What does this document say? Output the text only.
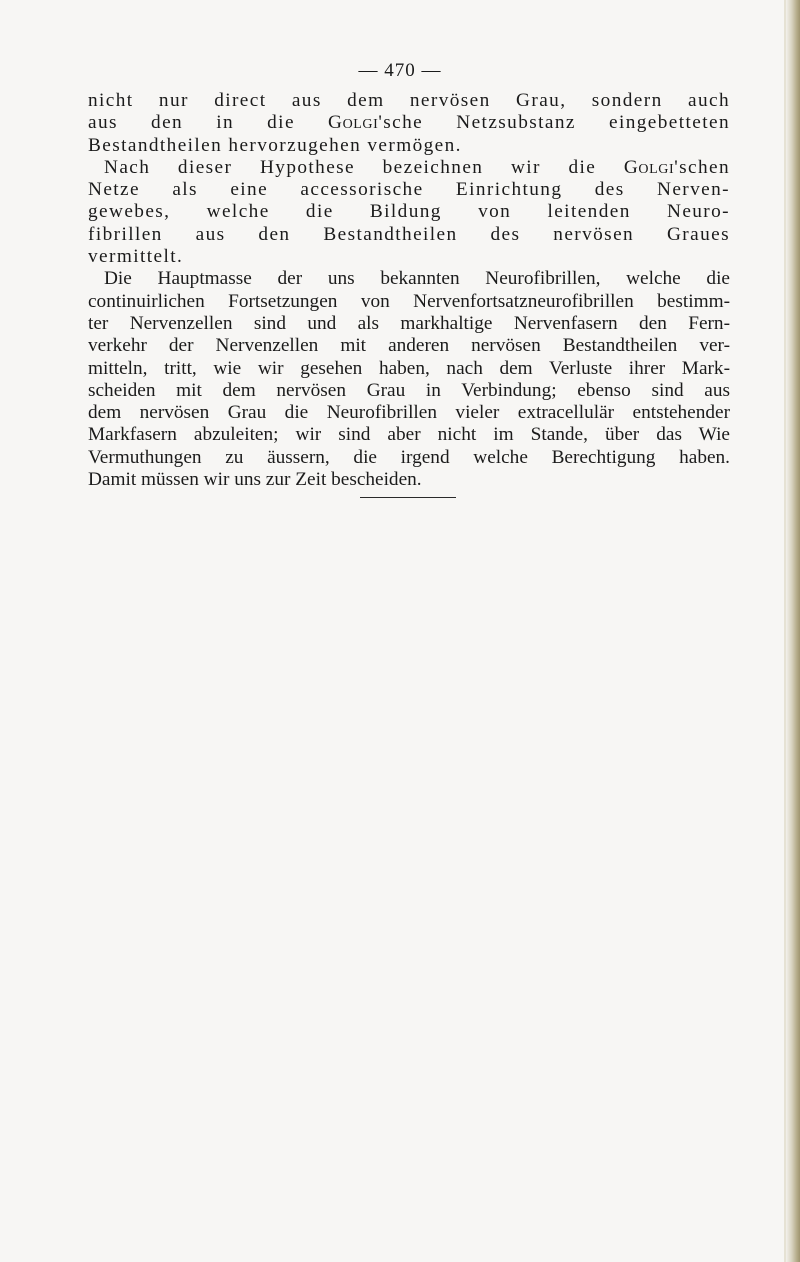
— 470 —
nicht nur direct aus dem nervösen Grau, sondern auch
aus den in die Golgi'sche Netzsubstanz eingebetteten
Bestandtheilen hervorzugehen vermögen.
Nach dieser Hypothese bezeichnen wir die Golgi'schen
Netze als eine accessorische Einrichtung des Nerven-
gewebes, welche die Bildung von leitenden Neuro-
fibrillen aus den Bestandtheilen des nervösen Graues
vermittelt.
Die Hauptmasse der uns bekannten Neurofibrillen, welche die
continuirlichen Fortsetzungen von Nervenfortsatzneurofibrillen bestimm-
ter Nervenzellen sind und als markhaltige Nervenfasern den Fern-
verkehr der Nervenzellen mit anderen nervösen Bestandtheilen ver-
mitteln, tritt, wie wir gesehen haben, nach dem Verluste ihrer Mark-
scheiden mit dem nervösen Grau in Verbindung; ebenso sind aus
dem nervösen Grau die Neurofibrillen vieler extracellulär entstehender
Markfasern abzuleiten; wir sind aber nicht im Stande, über das Wie
Vermuthungen zu äussern, die irgend welche Berechtigung haben.
Damit müssen wir uns zur Zeit bescheiden.
